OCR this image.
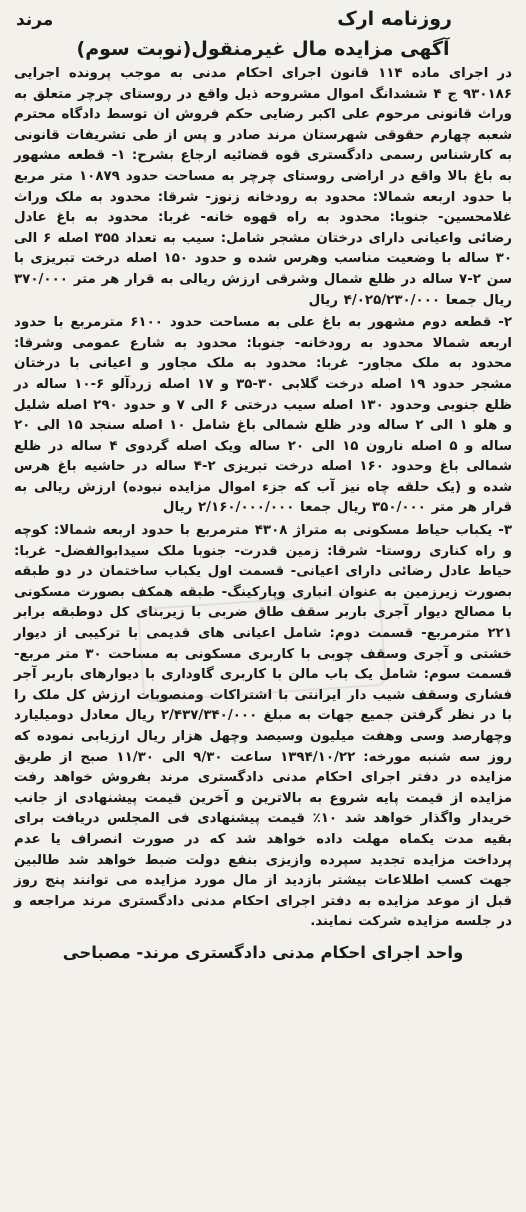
روزنامه ارک
مرند
آگهی مزایده مال غیرمنقول(نوبت سوم)

در اجرای ماده ۱۱۴ قانون اجرای احکام مدنی به موجب پرونده اجرایی ۹۳۰۱۸۶ ج ۴ ششدانگ اموال مشروحه ذیل واقع در روستای چرچر متعلق به وراث قانونی مرحوم علی اکبر رضایی حکم فروش ان توسط دادگاه محترم شعبه چهارم حقوقی شهرستان مرند صادر و پس از طی تشریفات قانونی به کارشناس رسمی دادگستری قوه قضائیه ارجاع بشرح: ۱- قطعه مشهور به باغ بالا واقع در اراضی روستای چرچر به مساحت حدود ۱۰۸۷۹ متر مربع با حدود اربعه شمالا: محدود به رودخانه زنوز- شرقا: محدود به ملک وراث غلامحسین- جنوبا: محدود به راه قهوه خانه- غربا: محدود به باغ عادل رضائی واعیانی دارای درختان مشجر شامل: سیب به تعداد ۳۵۵ اصله ۶ الی ۳۰ ساله با وضعیت مناسب وهرس شده و حدود ۱۵۰ اصله درخت تبریزی با سن ۲-۷ ساله در ظلع شمال وشرقی ارزش ریالی به قرار هر متر ۳۷۰/۰۰۰ ریال جمعا ۴/۰۲۵/۲۳۰/۰۰۰ ریال

۲- قطعه دوم مشهور به باغ علی به مساحت حدود ۶۱۰۰ مترمربع با حدود اربعه شمالا محدود به رودخانه- جنوبا: محدود به شارع عمومی وشرقا: محدود به ملک مجاور- غربا: محدود به ملک مجاور و اعیانی با درختان مشجر حدود ۱۹ اصله درخت گلابی ۳۰-۳۵ و ۱۷ اصله زردآلو ۶-۱۰ ساله در ظلع جنوبی وحدود ۱۳۰ اصله سیب درختی ۶ الی ۷ و حدود ۲۹۰ اصله شلیل و هلو ۱ الی ۲ ساله ودر ظلع شمالی باغ شامل ۱۰ اصله سنجد ۱۵ الی ۲۰ ساله و ۵ اصله نارون ۱۵ الی ۲۰ ساله ویک اصله گردوی ۴ ساله در ظلع شمالی باغ وحدود ۱۶۰ اصله درخت تبریزی ۲-۴ ساله در حاشیه باغ هرس شده و (یک حلقه چاه نیز آب که جزء اموال مزایده نبوده) ارزش ریالی به قرار هر متر ۳۵۰/۰۰۰ ریال جمعا ۲/۱۶۰/۰۰۰/۰۰۰ ریال

۳- یکباب حیاط مسکونی به متراژ ۴۳۰۸ مترمربع با حدود اربعه شمالا: کوچه و راه کناری روستا- شرقا: زمین قدرت- جنوبا ملک سیدابوالفضل- غربا: حیاط عادل رضائی دارای اعیانی- قسمت اول یکباب ساختمان در دو طبقه بصورت زیرزمین به عنوان انباری وپارکینگ- طبقه همکف بصورت مسکونی با مصالح دیوار آجری باربر سقف طاق ضربی با زیربنای کل دوطبقه برابر ۲۲۱ مترمربع- قسمت دوم: شامل اعیانی های قدیمی با ترکیبی از دیوار خشتی و آجری وسقف چوبی با کاربری مسکونی به مساحت ۳۰ متر مربع- قسمت سوم: شامل یک باب مالن با کاربری گاوداری با دیوارهای باربر آجر فشاری وسقف شیب دار ایرانتی با اشتراکات ومنصوبات ارزش کل ملک را با در نظر گرفتن جمیع جهات به مبلغ ۲/۴۳۷/۳۴۰/۰۰۰ ریال معادل دومیلیارد وچهارصد وسی وهفت میلیون وسیصد وچهل هزار ریال ارزیابی نموده که روز سه شنبه مورخه: ۱۳۹۴/۱۰/۲۲ ساعت ۹/۳۰ الی ۱۱/۳۰ صبح از طریق مزایده در دفتر اجرای احکام مدنی دادگستری مرند بفروش خواهد رفت مزایده از قیمت پایه شروع به بالاترین و آخرین قیمت پیشنهادی از جانب خریدار واگذار خواهد شد ۱۰٪ قیمت پیشنهادی فی المجلس دریافت برای بقیه مدت یکماه مهلت داده خواهد شد که در صورت انصراف یا عدم پرداخت مزایده تجدید سپرده وازیزی بنفع دولت ضبط خواهد شد طالبین جهت کسب اطلاعات بیشتر بازدید از مال مورد مزایده می توانند پنج روز قبل از موعد مزایده به دفتر اجرای احکام مدنی دادگستری مرند مراجعه و در جلسه مزایده شرکت نمایند.

واحد اجرای احکام مدنی دادگستری مرند- مصباحی
